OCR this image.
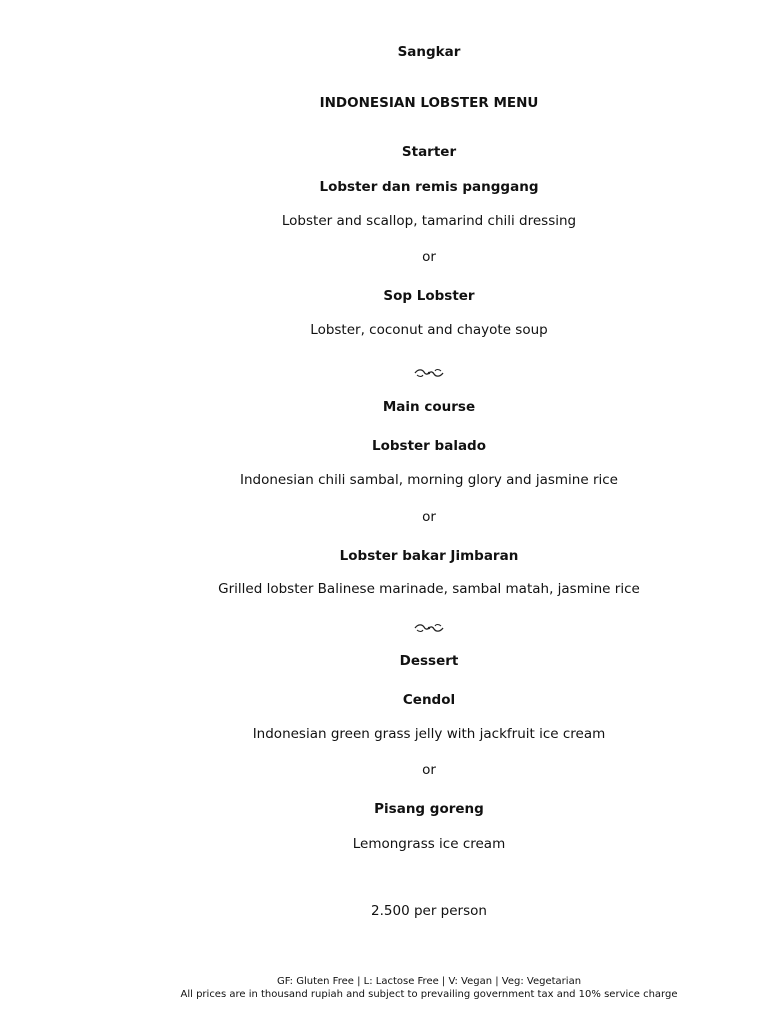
Sangkar
INDONESIAN LOBSTER MENU
Starter
Lobster dan remis panggang
Lobster and scallop, tamarind chili dressing
or
Sop Lobster
Lobster, coconut and chayote soup
Main course
Lobster balado
Indonesian chili sambal, morning glory and jasmine rice
or
Lobster bakar Jimbaran
Grilled lobster Balinese marinade, sambal matah, jasmine rice
Dessert
Cendol
Indonesian green grass jelly with jackfruit ice cream
or
Pisang goreng
Lemongrass ice cream
2.500 per person
GF: Gluten Free | L: Lactose Free | V: Vegan | Veg: Vegetarian
All prices are in thousand rupiah and subject to prevailing government tax and 10% service charge
